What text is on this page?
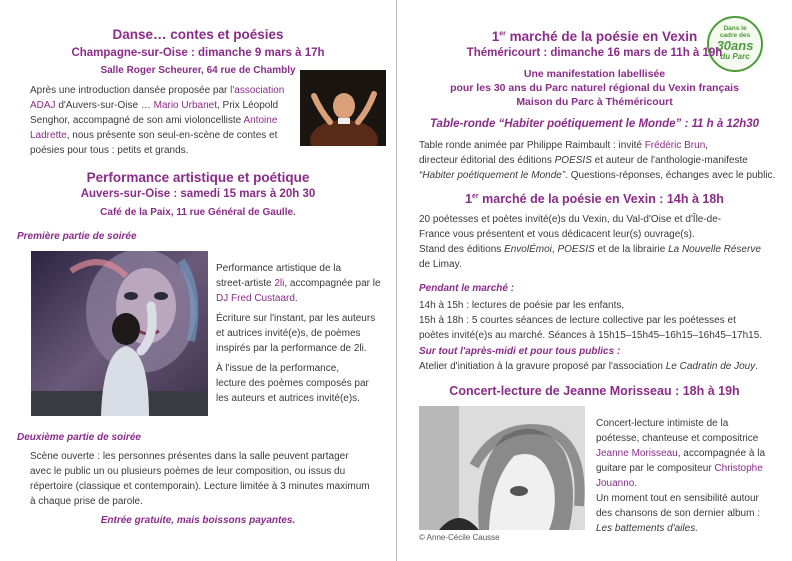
Danse… contes et poésies
Champagne-sur-Oise : dimanche 9 mars à 17h
Salle Roger Scheurer, 64 rue de Chambly
Après une introduction dansée proposée par l'association
ADAJ d'Auvers-sur-Oise … Mario Urbanet, Prix Léopold
Senghor, accompagné de son ami violoncelliste Antoine
Ladrette, nous présente son seul-en-scène de contes et
poésies pour tous : petits et grands.
Performance artistique et poétique
Auvers-sur-Oise : samedi 15 mars à 20h 30
Café de la Paix, 11 rue Général de Gaulle.
Première partie de soirée
Performance artistique de la
street-artiste 2li, accompagnée par le
DJ Fred Custaard.
Écriture sur l'instant, par les auteurs
et autrices invité(e)s, de poèmes
inspirés par la performance de 2li.
À l'issue de la performance,
lecture des poèmes composés par
les auteurs et autrices invité(e)s.
Deuxième partie de soirée
Scène ouverte : les personnes présentes dans la salle peuvent partager
avec le public un ou plusieurs poèmes de leur composition, ou issus du
répertoire (classique et contemporain). Lecture limitée à 3 minutes maximum
à chaque prise de parole.
Entrée gratuite, mais boissons payantes.
Dans le
cadre des
30ans
du Parc
1er marché de la poésie en Vexin
Théméricourt : dimanche 16 mars de 11h à 19h
Une manifestation labellisée
pour les 30 ans du Parc naturel régional du Vexin français
Maison du Parc à Théméricourt
Table-ronde “Habiter poétiquement le Monde” : 11 h à 12h30
Table ronde animée par Philippe Raimbault : invité Frédéric Brun,
directeur éditorial des éditions POESIS et auteur de l'anthologie-manifeste
“Habiter poétiquement le Monde”. Questions-réponses, échanges avec le public.
1er marché de la poésie en Vexin : 14h à 18h
20 poétesses et poètes invité(e)s du Vexin, du Val-d'Oise et d'Île-de-
France vous présentent et vous dédicacent leur(s) ouvrage(s).
Stand des éditions EnvolÉmoi, POESIS et de la librairie La Nouvelle Réserve
de Limay.
Pendant le marché :
14h à 15h : lectures de poésie par les enfants,
15h à 18h : 5 courtes séances de lecture collective par les poétesses et
poètes invité(e)s au marché. Séances à 15h15–15h45–16h15–16h45–17h15.
Sur tout l'après-midi et pour tous publics :
Atelier d'initiation à la gravure proposé par l'association Le Cadratin de Jouy.
Concert-lecture de Jeanne Morisseau : 18h à 19h
© Anne-Cécile Causse
Concert-lecture intimiste de la
poétesse, chanteuse et compositrice
Jeanne Morisseau, accompagnée à la
guitare par le compositeur Christophe
Jouanno.
Un moment tout en sensibilité autour
des chansons de son dernier album :
Les battements d'ailes.
